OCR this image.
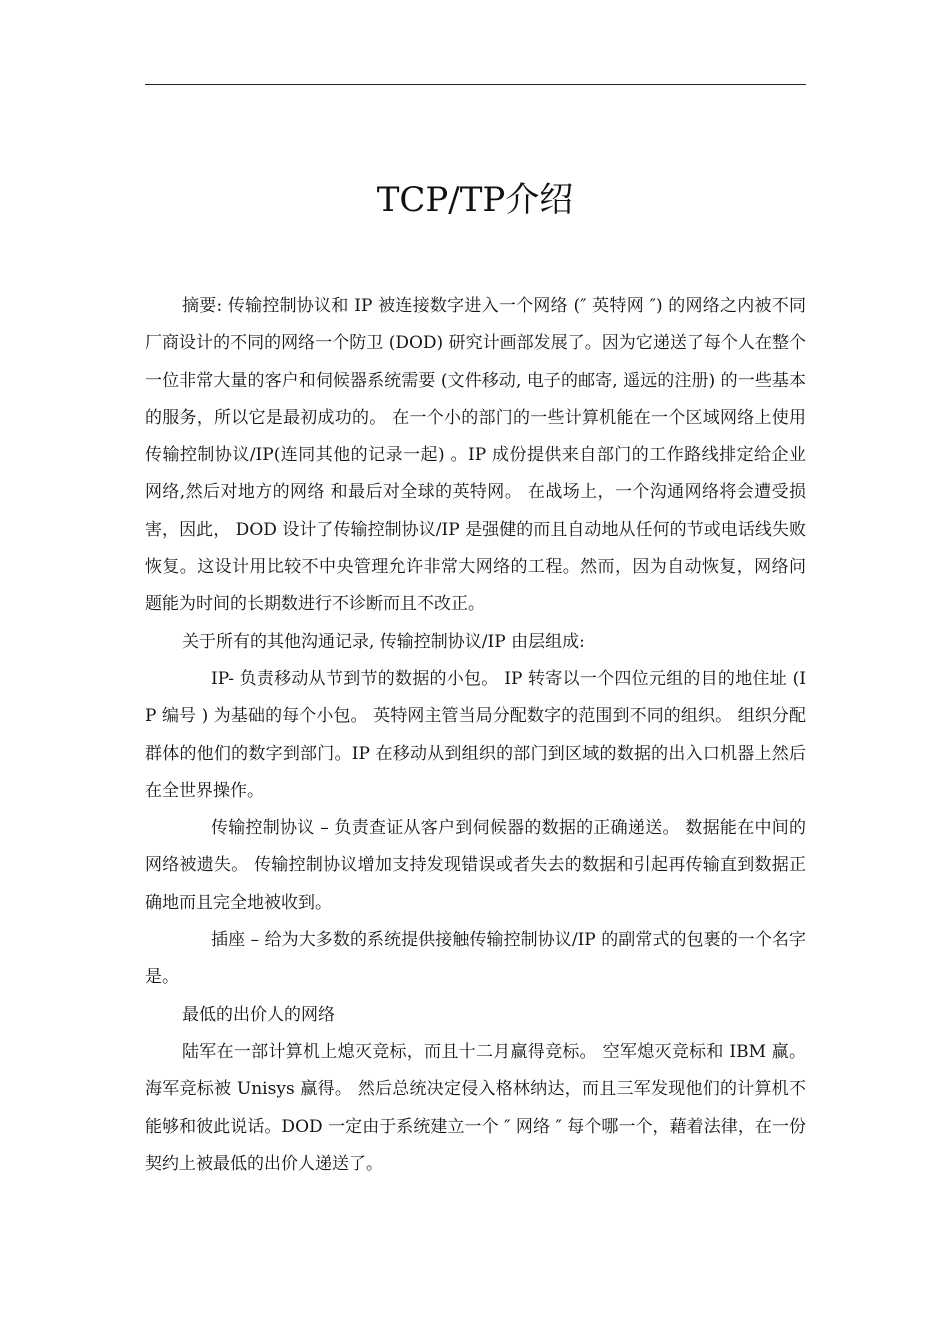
TCP/TP介绍

摘要: 传输控制协议和 IP 被连接数字进入一个网络 (″ 英特网 ″) 的网络之内被不同厂商设计的不同的网络一个防卫 (DOD) 研究计画部发展了。因为它递送了每个人在整个一位非常大量的客户和伺候器系统需要 (文件移动, 电子的邮寄, 遥远的注册) 的一些基本的服务，所以它是最初成功的。 在一个小的部门的一些计算机能在一个区域网络上使用传输控制协议/IP(连同其他的记录一起) 。IP 成份提供来自部门的工作路线排定给企业网络,然后对地方的网络 和最后对全球的英特网。 在战场上，一个沟通网络将会遭受损害，因此， DOD 设计了传输控制协议/IP 是强健的而且自动地从任何的节或电话线失败恢复。这设计用比较不中央管理允许非常大网络的工程。然而，因为自动恢复，网络问题能为时间的长期数进行不诊断而且不改正。

关于所有的其他沟通记录, 传输控制协议/IP 由层组成:

IP- 负责移动从节到节的数据的小包。 IP 转寄以一个四位元组的目的地住址 (IP 编号 ) 为基础的每个小包。 英特网主管当局分配数字的范围到不同的组织。 组织分配群体的他们的数字到部门。IP 在移动从到组织的部门到区域的数据的出入口机器上然后在全世界操作。

传输控制协议 – 负责查证从客户到伺候器的数据的正确递送。 数据能在中间的网络被遗失。 传输控制协议增加支持发现错误或者失去的数据和引起再传输直到数据正确地而且完全地被收到。

插座 – 给为大多数的系统提供接触传输控制协议/IP 的副常式的包裹的一个名字是。

最低的出价人的网络

陆军在一部计算机上熄灭竞标，而且十二月赢得竞标。 空军熄灭竞标和 IBM 赢。 海军竞标被 Unisys 赢得。 然后总统决定侵入格林纳达，而且三军发现他们的计算机不能够和彼此说话。DOD 一定由于系统建立一个 ″ 网络 ″ 每个哪一个，藉着法律，在一份契约上被最低的出价人递送了。
